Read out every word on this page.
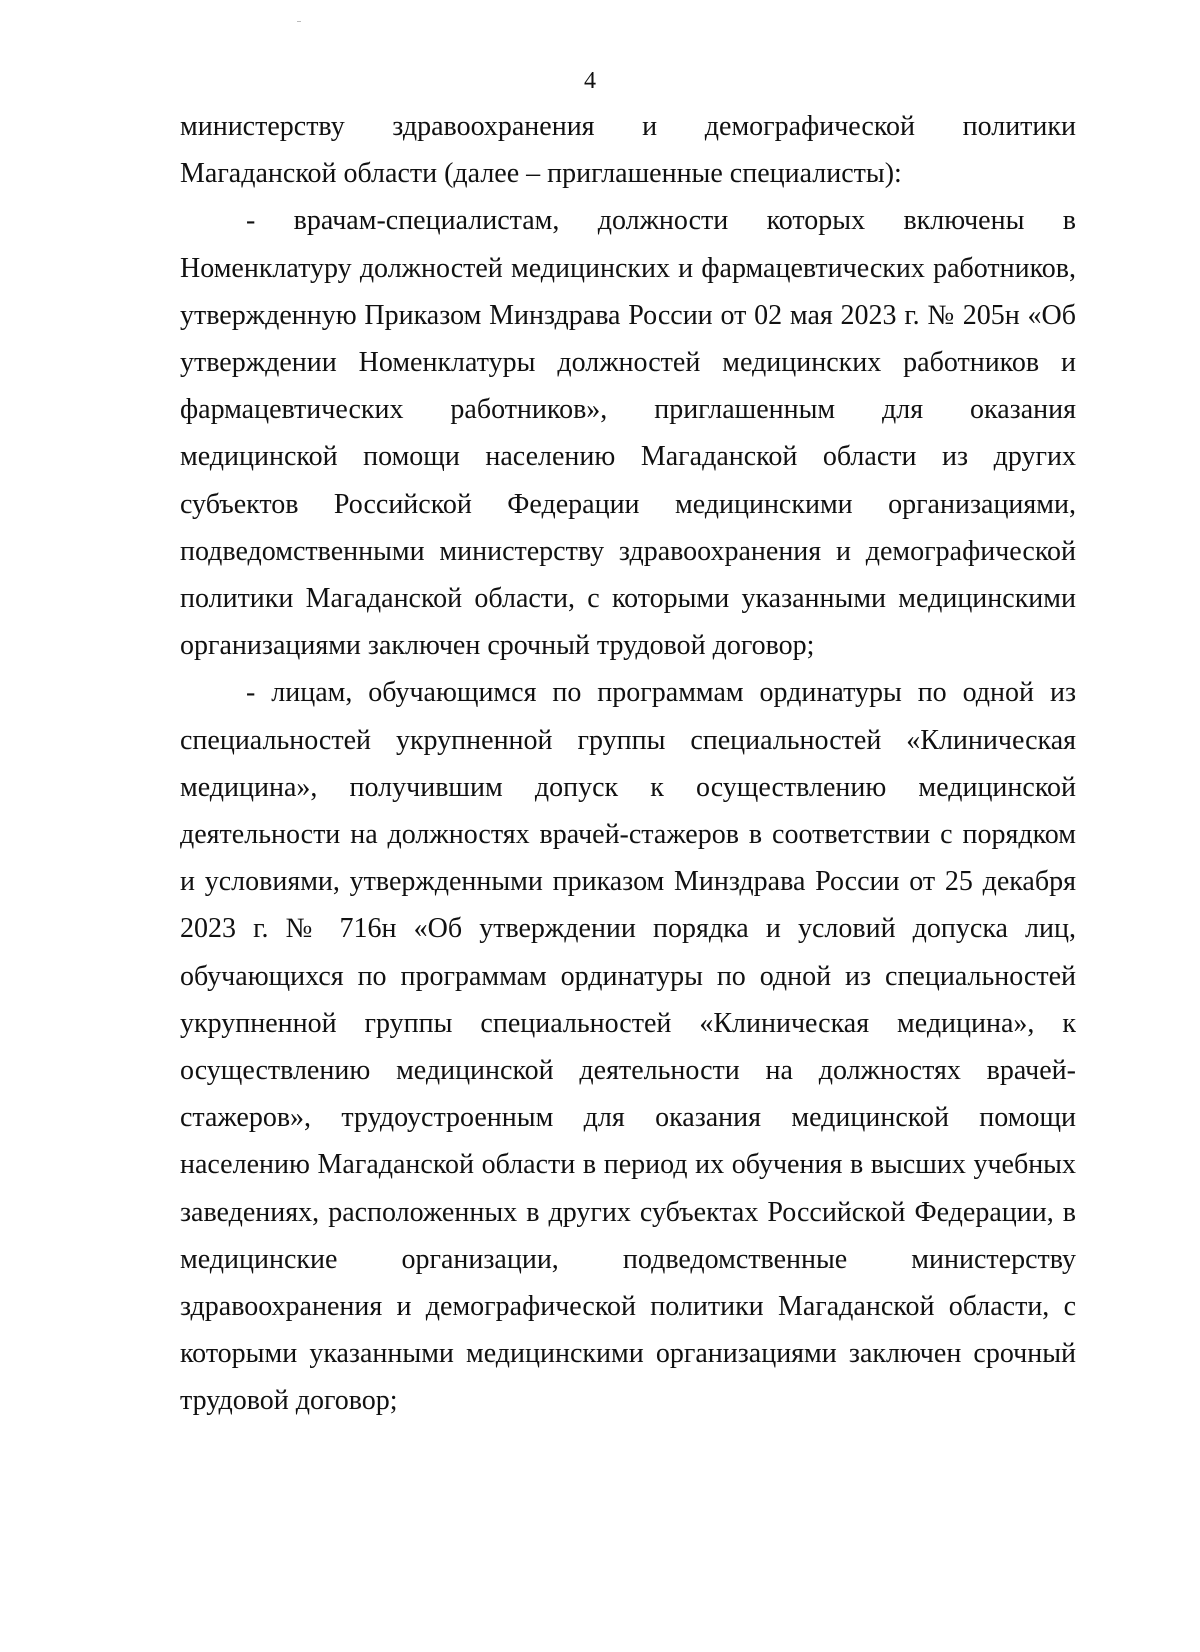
4

министерству здравоохранения и демографической политики Магаданской области (далее – приглашенные специалисты):

- врачам-специалистам, должности которых включены в Номенклатуру должностей медицинских и фармацевтических работников, утвержденную Приказом Минздрава России от 02 мая 2023 г. № 205н «Об утверждении Номенклатуры должностей медицинских работников и фармацевтических работников», приглашенным для оказания медицинской помощи населению Магаданской области из других субъектов Российской Федерации медицинскими организациями, подведомственными министерству здравоохранения и демографической политики Магаданской области, с которыми указанными медицинскими организациями заключен срочный трудовой договор;

- лицам, обучающимся по программам ординатуры по одной из специальностей укрупненной группы специальностей «Клиническая медицина», получившим допуск к осуществлению медицинской деятельности на должностях врачей-стажеров в соответствии с порядком и условиями, утвержденными приказом Минздрава России от 25 декабря 2023 г. № 716н «Об утверждении порядка и условий допуска лиц, обучающихся по программам ординатуры по одной из специальностей укрупненной группы специальностей «Клиническая медицина», к осуществлению медицинской деятельности на должностях врачей-стажеров», трудоустроенным для оказания медицинской помощи населению Магаданской области в период их обучения в высших учебных заведениях, расположенных в других субъектах Российской Федерации, в медицинские организации, подведомственные министерству здравоохранения и демографической политики Магаданской области, с которыми указанными медицинскими организациями заключен срочный трудовой договор;
